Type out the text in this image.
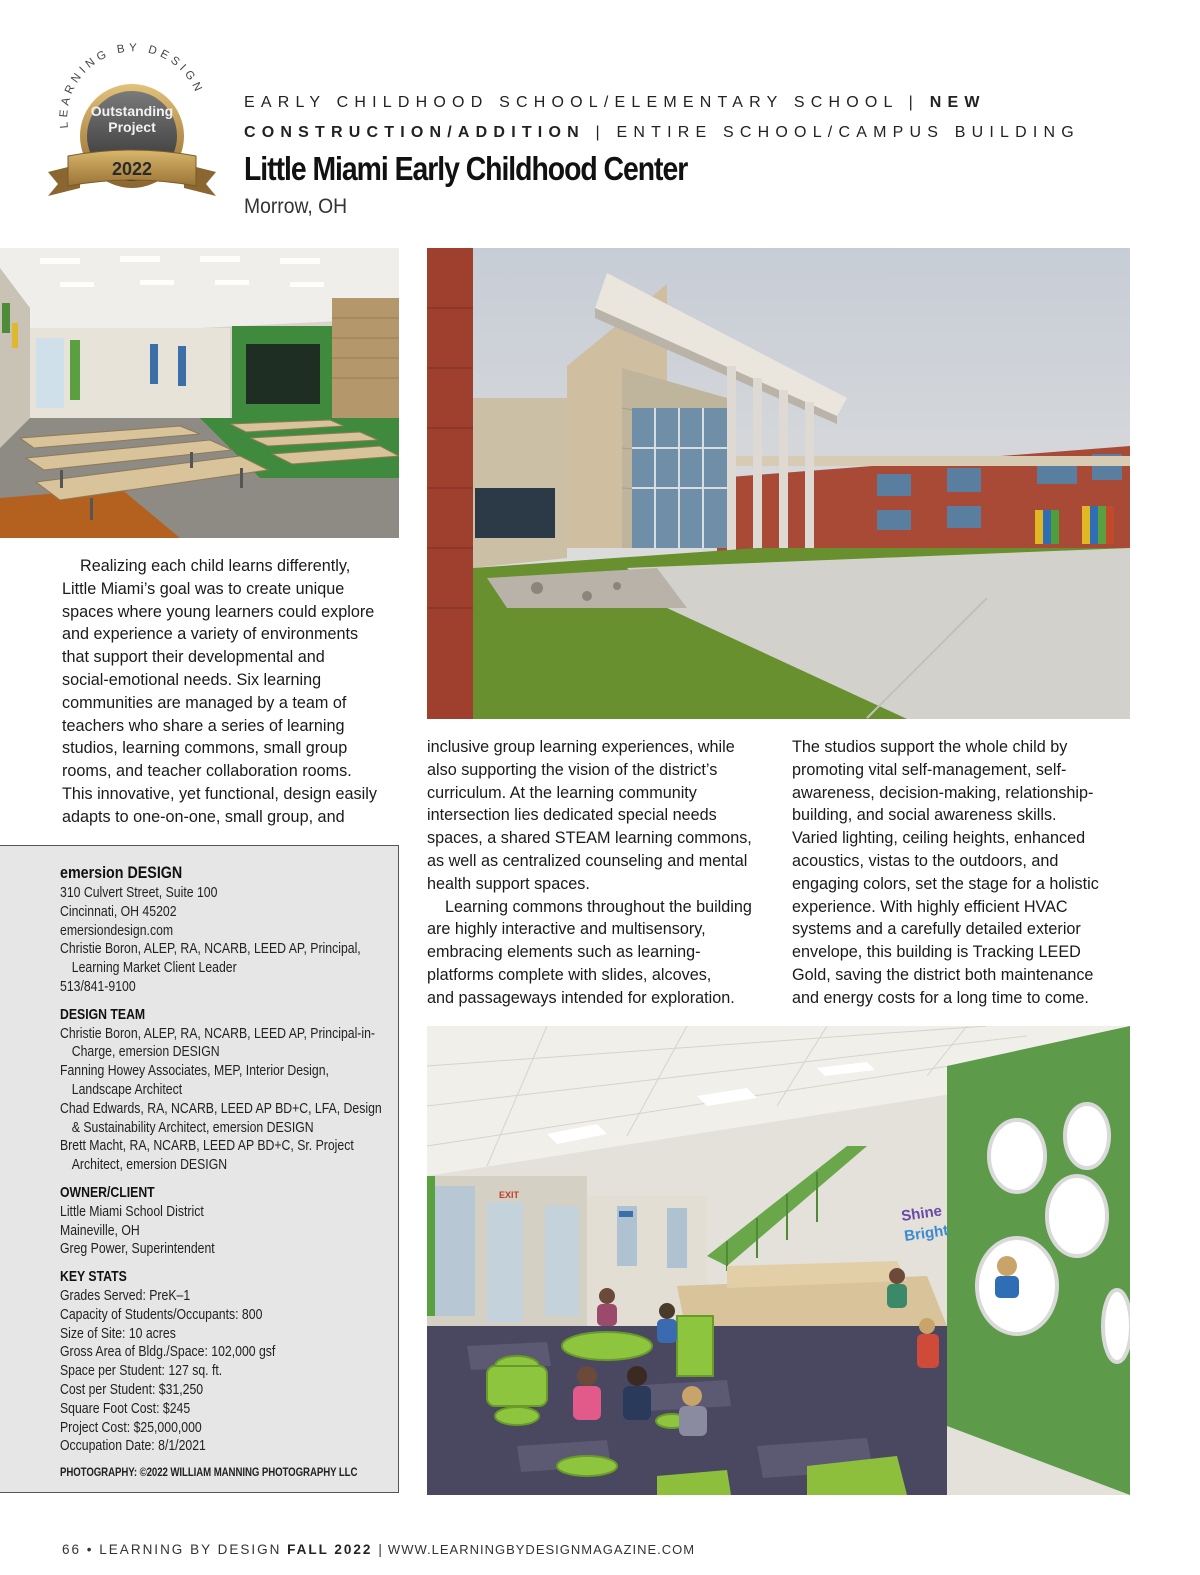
LEARNING BY DESIGN
Outstanding
Project
2022
EARLY CHILDHOOD SCHOOL/ELEMENTARY SCHOOL | NEW
CONSTRUCTION/ADDITION | ENTIRE SCHOOL/CAMPUS BUILDING
Little Miami Early Childhood Center
Morrow, OH

Realizing each child learns differently,
Little Miami’s goal was to create unique
spaces where young learners could explore
and experience a variety of environments
that support their developmental and
social-emotional needs. Six learning
communities are managed by a team of
teachers who share a series of learning
studios, learning commons, small group
rooms, and teacher collaboration rooms.
This innovative, yet functional, design easily
adapts to one-on-one, small group, and

inclusive group learning experiences, while
also supporting the vision of the district’s
curriculum. At the learning community
intersection lies dedicated special needs
spaces, a shared STEAM learning commons,
as well as centralized counseling and mental
health support spaces.

Learning commons throughout the building
are highly interactive and multisensory,
embracing elements such as learning-
platforms complete with slides, alcoves,
and passageways intended for exploration.

The studios support the whole child by
promoting vital self-management, self-
awareness, decision-making, relationship-
building, and social awareness skills.
Varied lighting, ceiling heights, enhanced
acoustics, vistas to the outdoors, and
engaging colors, set the stage for a holistic
experience. With highly efficient HVAC
systems and a carefully detailed exterior
envelope, this building is Tracking LEED
Gold, saving the district both maintenance
and energy costs for a long time to come.

emersion DESIGN
310 Culvert Street, Suite 100
Cincinnati, OH 45202
emersiondesign.com
Christie Boron, ALEP, RA, NCARB, LEED AP, Principal,
Learning Market Client Leader
513/841-9100
DESIGN TEAM
Christie Boron, ALEP, RA, NCARB, LEED AP, Principal-in-
Charge, emersion DESIGN
Fanning Howey Associates, MEP, Interior Design,
Landscape Architect
Chad Edwards, RA, NCARB, LEED AP BD+C, LFA, Design
& Sustainability Architect, emersion DESIGN
Brett Macht, RA, NCARB, LEED AP BD+C, Sr. Project
Architect, emersion DESIGN
OWNER/CLIENT
Little Miami School District
Maineville, OH
Greg Power, Superintendent
KEY STATS
Grades Served: PreK–1
Capacity of Students/Occupants: 800
Size of Site: 10 acres
Gross Area of Bldg./Space: 102,000 gsf
Space per Student: 127 sq. ft.
Cost per Student: $31,250
Square Foot Cost: $245
Project Cost: $25,000,000
Occupation Date: 8/1/2021
PHOTOGRAPHY: ©2022 WILLIAM MANNING PHOTOGRAPHY LLC
EXIT
Shine
Bright
66 • LEARNING BY DESIGN FALL 2022 | WWW.LEARNINGBYDESIGNMAGAZINE.COM
